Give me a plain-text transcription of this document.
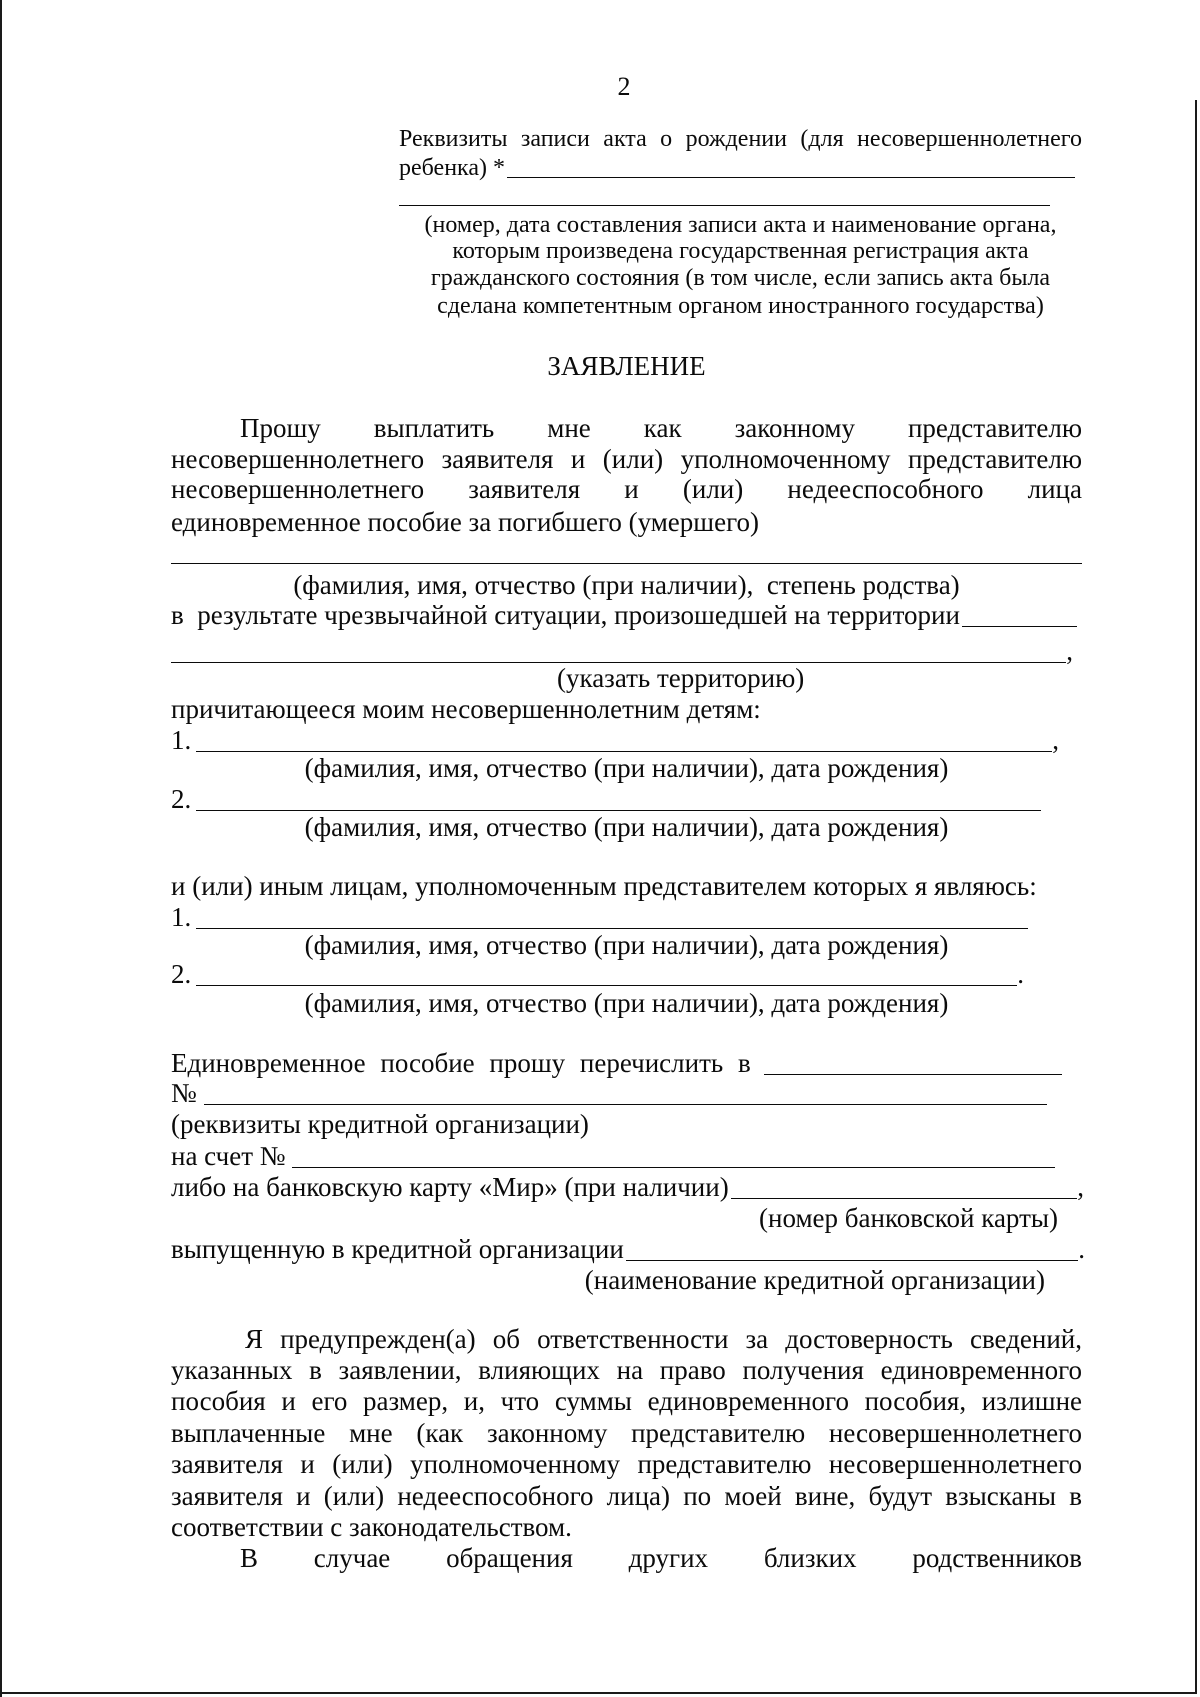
2
Реквизиты записи акта о рождении (для несовершеннолетнего
ребенка) *
(номер, дата составления записи акта и наименование органа,
которым произведена государственная регистрация акта
гражданского состояния (в том числе, если запись акта была
сделана компетентным органом иностранного государства)
ЗАЯВЛЕНИЕ
Прошу выплатить мне как законному представителю
несовершеннолетнего заявителя и (или) уполномоченному представителю
несовершеннолетнего заявителя и (или) недееспособного лица
единовременное пособие за погибшего (умершего)
(фамилия, имя, отчество (при наличии),  степень родства)
в  результате чрезвычайной ситуации, произошедшей на территории
,
(указать территорию)
причитающееся моим несовершеннолетним детям:
1.	,
(фамилия, имя, отчество (при наличии), дата рождения)
2.
(фамилия, имя, отчество (при наличии), дата рождения)
и (или) иным лицам, уполномоченным представителем которых я являюсь:
1.
(фамилия, имя, отчество (при наличии), дата рождения)
2.	.
(фамилия, имя, отчество (при наличии), дата рождения)
Единовременное пособие прошу перечислить в
№
(реквизиты кредитной организации)
на счет №
либо на банковскую карту «Мир» (при наличии)	,
(номер банковской карты)
выпущенную в кредитной организации	.
(наименование кредитной организации)
Я предупрежден(а) об ответственности за достоверность сведений,
указанных в заявлении, влияющих на право получения единовременного
пособия и его размер, и, что суммы единовременного пособия, излишне
выплаченные мне (как законному представителю несовершеннолетнего
заявителя и (или) уполномоченному представителю несовершеннолетнего
заявителя и (или) недееспособного лица) по моей вине, будут взысканы в
соответствии с законодательством.
В случае обращения других близких родственников
